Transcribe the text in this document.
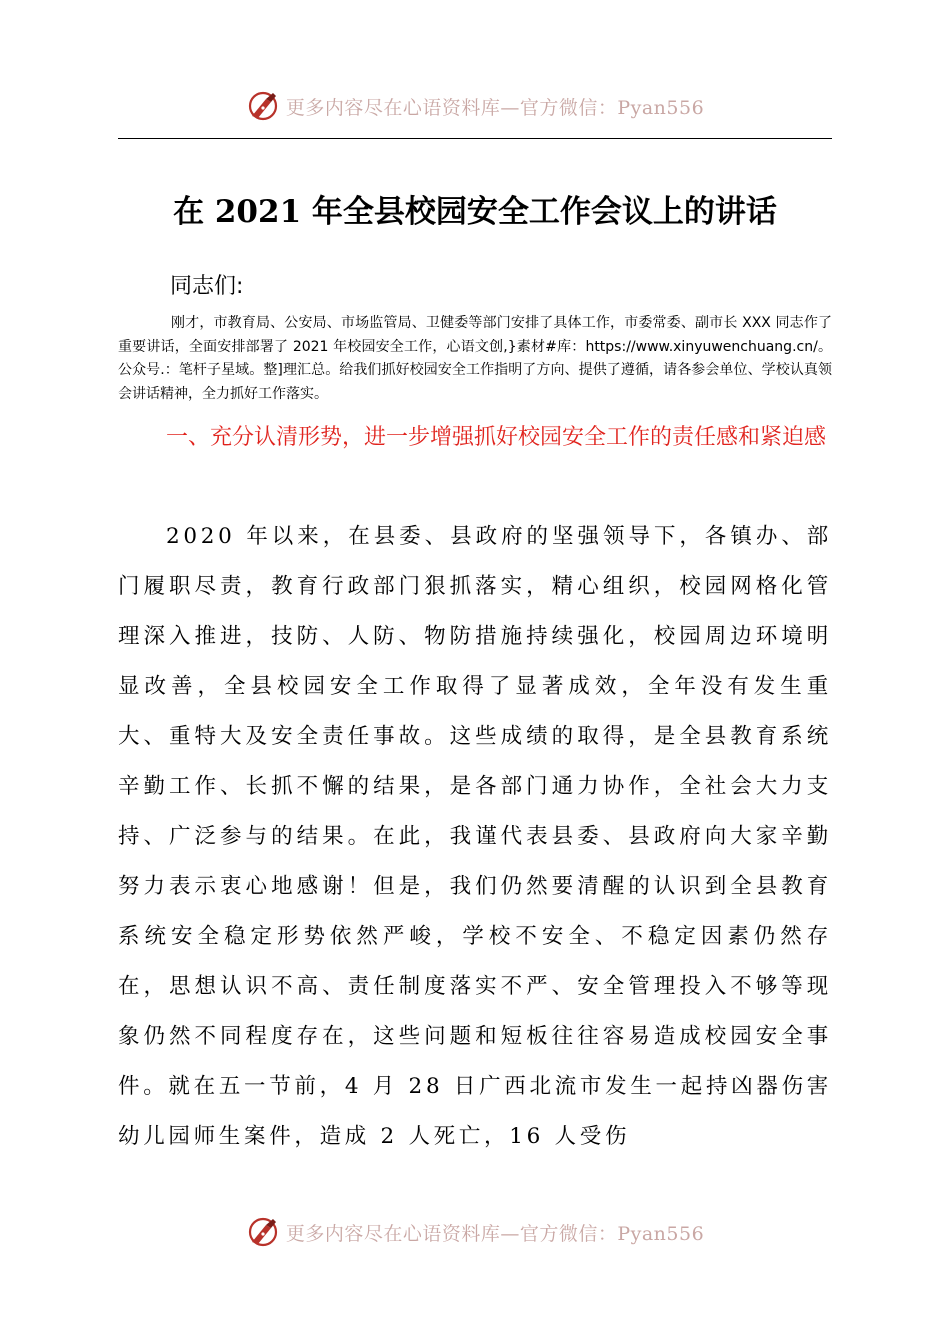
更多内容尽在心语资料库—官方微信：Pyan556
在 2021 年全县校园安全工作会议上的讲话
同志们:
刚才，市教育局、公安局、市场监管局、卫健委等部门安排了具体工作，市委常委、副市长 XXX 同志作了重要讲话，全面安排部署了 2021 年校园安全工作，心语文创,}素材#库：https://www.xinyuwenchuang.cn/。公众号.：笔杆子星域。整]理汇总。给我们抓好校园安全工作指明了方向、提供了遵循，请各参会单位、学校认真领会讲话精神，全力抓好工作落实。
一、充分认清形势，进一步增强抓好校园安全工作的责任感和紧迫感
2020 年以来，在县委、县政府的坚强领导下，各镇办、部门履职尽责，教育行政部门狠抓落实，精心组织，校园网格化管理深入推进，技防、人防、物防措施持续强化，校园周边环境明显改善，全县校园安全工作取得了显著成效，全年没有发生重大、重特大及安全责任事故。这些成绩的取得，是全县教育系统辛勤工作、长抓不懈的结果，是各部门通力协作，全社会大力支持、广泛参与的结果。在此，我谨代表县委、县政府向大家辛勤努力表示衷心地感谢！但是，我们仍然要清醒的认识到全县教育系统安全稳定形势依然严峻，学校不安全、不稳定因素仍然存在，思想认识不高、责任制度落实不严、安全管理投入不够等现象仍然不同程度存在，这些问题和短板往往容易造成校园安全事件。就在五一节前，4 月 28 日广西北流市发生一起持凶器伤害幼儿园师生案件，造成 2 人死亡，16 人受伤
更多内容尽在心语资料库—官方微信：Pyan556
